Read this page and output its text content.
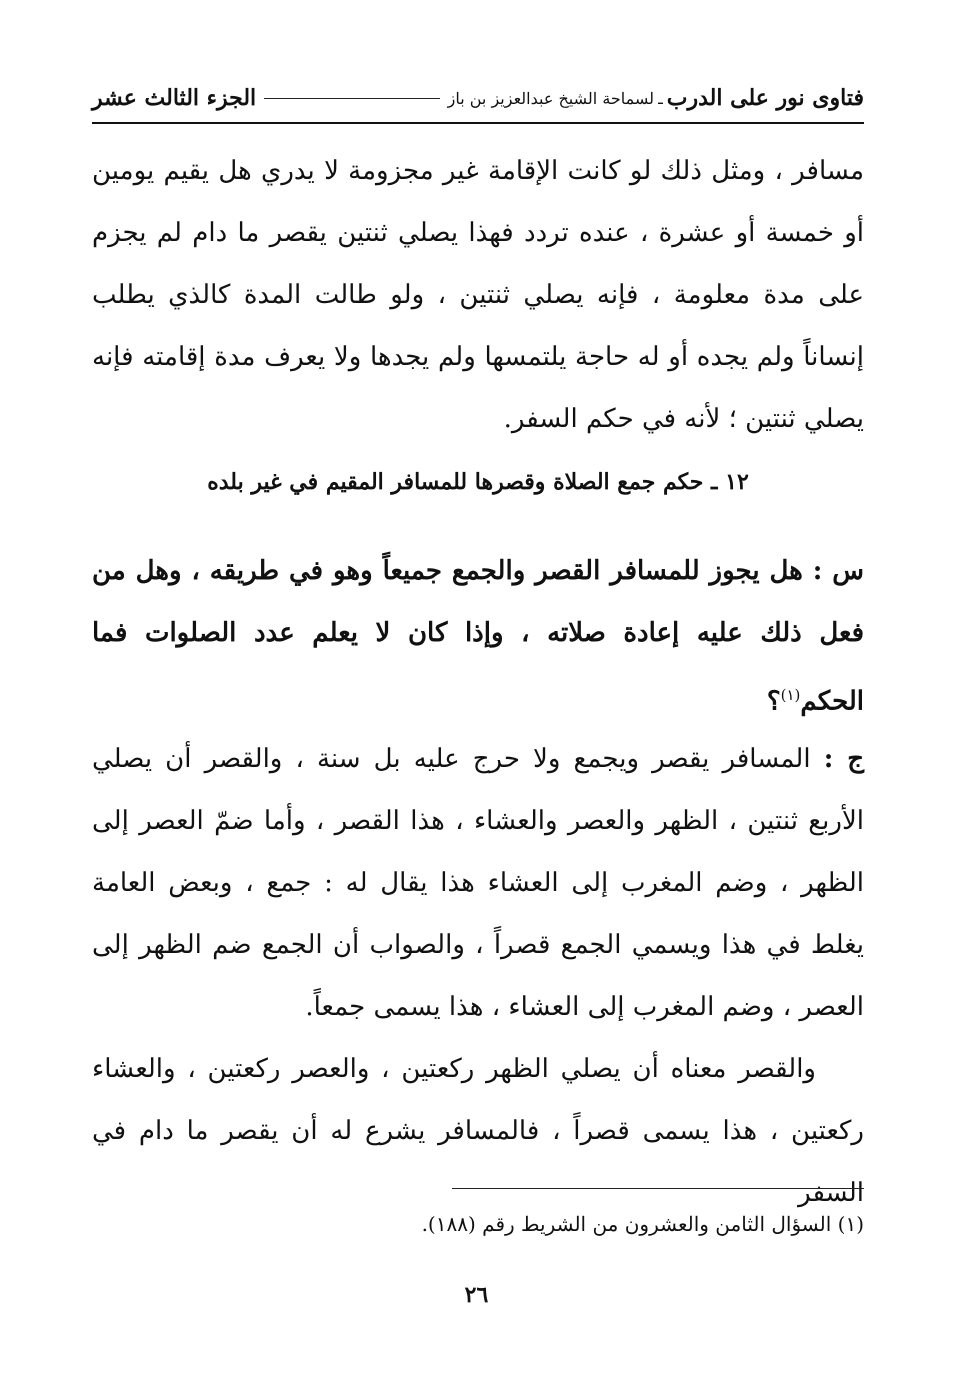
فتاوى نور على الدرب
ـ
لسماحة الشيخ عبدالعزيز بن باز
الجزء الثالث عشر
مسافر ، ومثل ذلك لو كانت الإقامة غير مجزومة لا يدري هل يقيم يومين أو خمسة أو عشرة ، عنده تردد فهذا يصلي ثنتين يقصر ما دام لم يجزم على مدة معلومة ، فإنه يصلي ثنتين ، ولو طالت المدة كالذي يطلب إنساناً ولم يجده أو له حاجة يلتمسها ولم يجدها ولا يعرف مدة إقامته فإنه يصلي ثنتين ؛ لأنه في حكم السفر.
١٢ ـ حكم جمع الصلاة وقصرها للمسافر المقيم في غير بلده
س : هل يجوز للمسافر القصر والجمع جميعاً وهو في طريقه ، وهل من فعل ذلك عليه إعادة صلاته ، وإذا كان لا يعلم عدد الصلوات فما الحكم$^{(١)}$؟
ج : المسافر يقصر ويجمع ولا حرج عليه بل سنة ، والقصر أن يصلي الأربع ثنتين ، الظهر والعصر والعشاء ، هذا القصر ، وأما ضمّ العصر إلى الظهر ، وضم المغرب إلى العشاء هذا يقال له : جمع ، وبعض العامة يغلط في هذا ويسمي الجمع قصراً ، والصواب أن الجمع ضم الظهر إلى العصر ، وضم المغرب إلى العشاء ، هذا يسمى جمعاً.
والقصر معناه أن يصلي الظهر ركعتين ، والعصر ركعتين ، والعشاء ركعتين ، هذا يسمى قصراً ، فالمسافر يشرع له أن يقصر ما دام في السفر
(١) السؤال الثامن والعشرون من الشريط رقم (١٨٨).
٢٦
